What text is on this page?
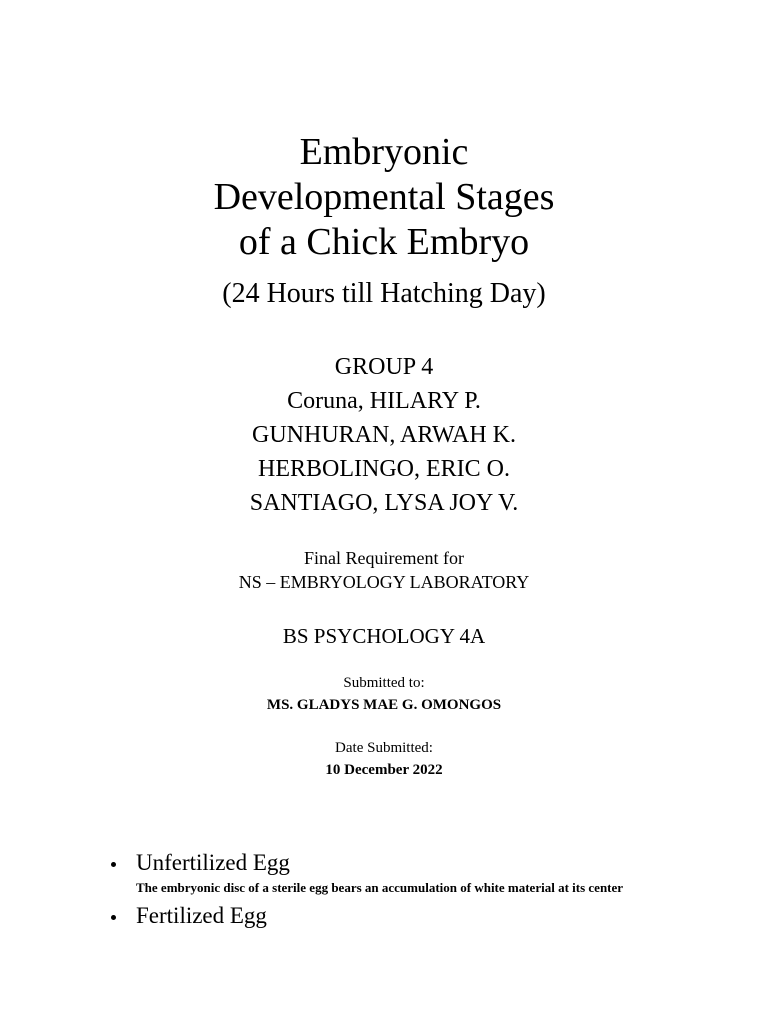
Embryonic
Developmental Stages
of a Chick Embryo
(24 Hours till Hatching Day)
GROUP 4
Coruna, HILARY P.
GUNHURAN, ARWAH K.
HERBOLINGO, ERIC O.
SANTIAGO, LYSA JOY V.
Final Requirement for
NS – EMBRYOLOGY LABORATORY
BS PSYCHOLOGY 4A
Submitted to:
MS. GLADYS MAE G. OMONGOS
Date Submitted:
10 December 2022
Unfertilized Egg
The embryonic disc of a sterile egg bears an accumulation of white material at its center
Fertilized Egg
